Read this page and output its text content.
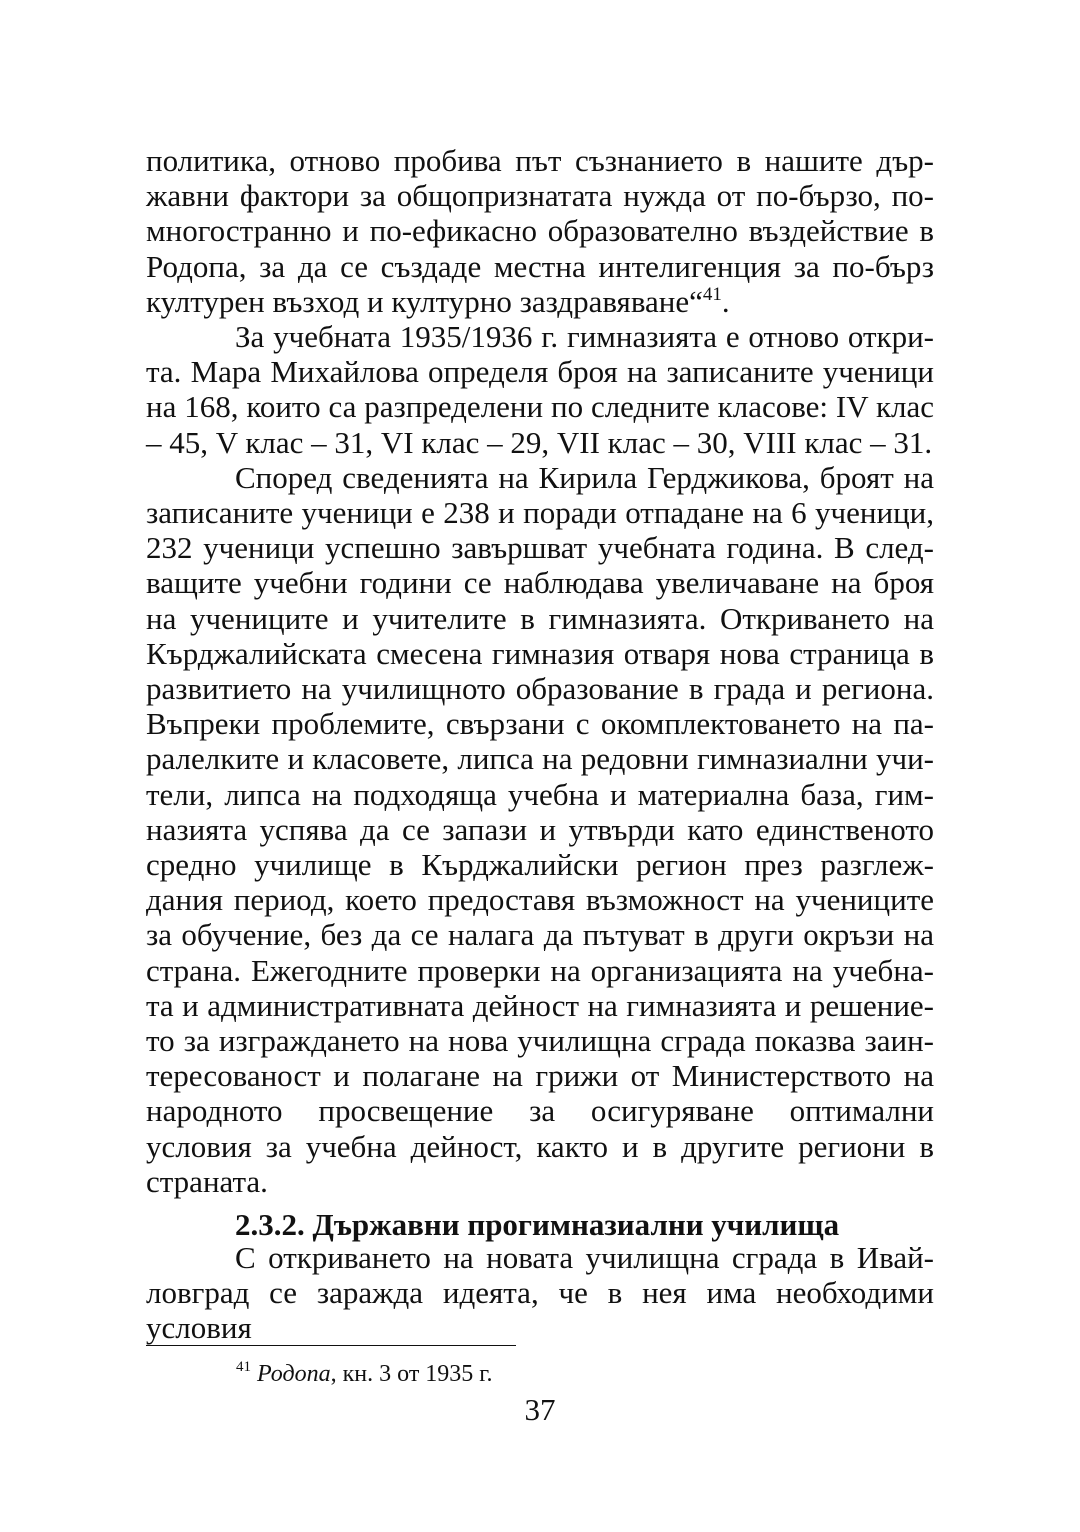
политика, отново пробива път съзнанието в нашите дър-жавни фактори за общопризнатата нужда от по-бързо, по-многостранно и по-ефикасно образователно въздействие в Родопа, за да се създаде местна интелигенция за по-бърз културен възход и културно заздравяване“$^{41}$.

За учебната 1935/1936 г. гимназията е отново откри-та. Мара Михайлова определя броя на записаните ученици на 168, които са разпределени по следните класове: IV клас – 45, V клас – 31, VI клас – 29, VII клас – 30, VIII клас – 31.

Според сведенията на Кирила Герджикова, броят на записаните ученици е 238 и поради отпадане на 6 ученици, 232 ученици успешно завършват учебната година. В след-ващите учебни години се наблюдава увеличаване на броя на учениците и учителите в гимназията. Откриването на Кърджалийската смесена гимназия отваря нова страница в развитието на училищното образование в града и региона. Въпреки проблемите, свързани с окомплектоването на па-ралелките и класовете, липса на редовни гимназиални учи-тели, липса на подходяща учебна и материална база, гим-назията успява да се запази и утвърди като единственото средно училище в Кърджалийски регион през разглеж-дания период, което предоставя възможност на учениците за обучение, без да се налага да пътуват в други окръзи на страна. Ежегодните проверки на организацията на учебна-та и административната дейност на гимназията и решение-то за изграждането на нова училищна сграда показва заин-тересованост и полагане на грижи от Министерството на народното просвещение за осигуряване оптимални условия за учебна дейност, както и в другите региони в страната.

2.3.2. Държавни прогимназиални училища

С откриването на новата училищна сграда в Ивай-ловград се заражда идеята, че в нея има необходими условия

$^{41}$ Родопа, кн. 3 от 1935 г.
37
